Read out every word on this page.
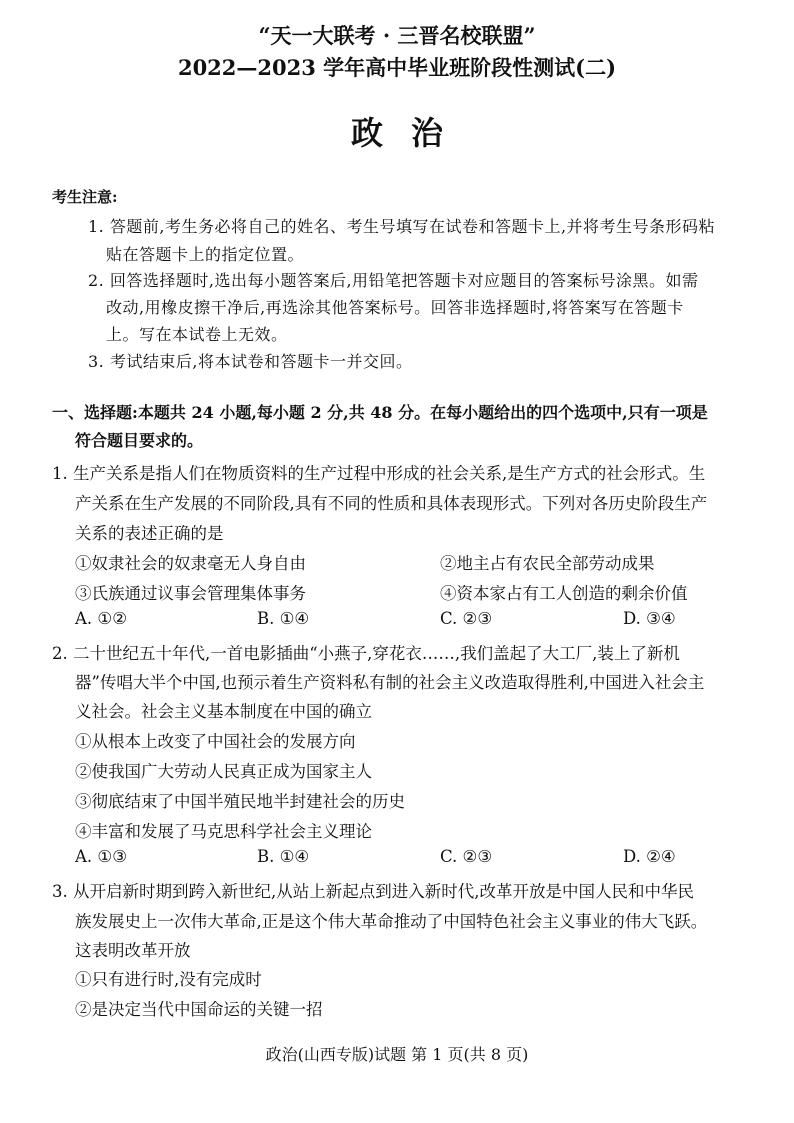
“天一大联考 · 三晋名校联盟”
2022—2023 学年高中毕业班阶段性测试(二)
政治
考生注意:
1. 答题前,考生务必将自己的姓名、考生号填写在试卷和答题卡上,并将考生号条形码粘
贴在答题卡上的指定位置。
2. 回答选择题时,选出每小题答案后,用铅笔把答题卡对应题目的答案标号涂黑。如需
改动,用橡皮擦干净后,再选涂其他答案标号。回答非选择题时,将答案写在答题卡
上。写在本试卷上无效。
3. 考试结束后,将本试卷和答题卡一并交回。
一、选择题:本题共 24 小题,每小题 2 分,共 48 分。在每小题给出的四个选项中,只有一项是
符合题目要求的。
1. 生产关系是指人们在物质资料的生产过程中形成的社会关系,是生产方式的社会形式。生
产关系在生产发展的不同阶段,具有不同的性质和具体表现形式。下列对各历史阶段生产
关系的表述正确的是
①奴隶社会的奴隶毫无人身自由	②地主占有农民全部劳动成果
③氏族通过议事会管理集体事务	④资本家占有工人创造的剩余价值
A. ①②	B. ①④	C. ②③	D. ③④
2. 二十世纪五十年代,一首电影插曲“小燕子,穿花衣……,我们盖起了大工厂,装上了新机
器”传唱大半个中国,也预示着生产资料私有制的社会主义改造取得胜利,中国进入社会主
义社会。社会主义基本制度在中国的确立
①从根本上改变了中国社会的发展方向
②使我国广大劳动人民真正成为国家主人
③彻底结束了中国半殖民地半封建社会的历史
④丰富和发展了马克思科学社会主义理论
A. ①③	B. ①④	C. ②③	D. ②④
3. 从开启新时期到跨入新世纪,从站上新起点到进入新时代,改革开放是中国人民和中华民
族发展史上一次伟大革命,正是这个伟大革命推动了中国特色社会主义事业的伟大飞跃。
这表明改革开放
①只有进行时,没有完成时
②是决定当代中国命运的关键一招
政治(山西专版)试题 第 1 页(共 8 页)
